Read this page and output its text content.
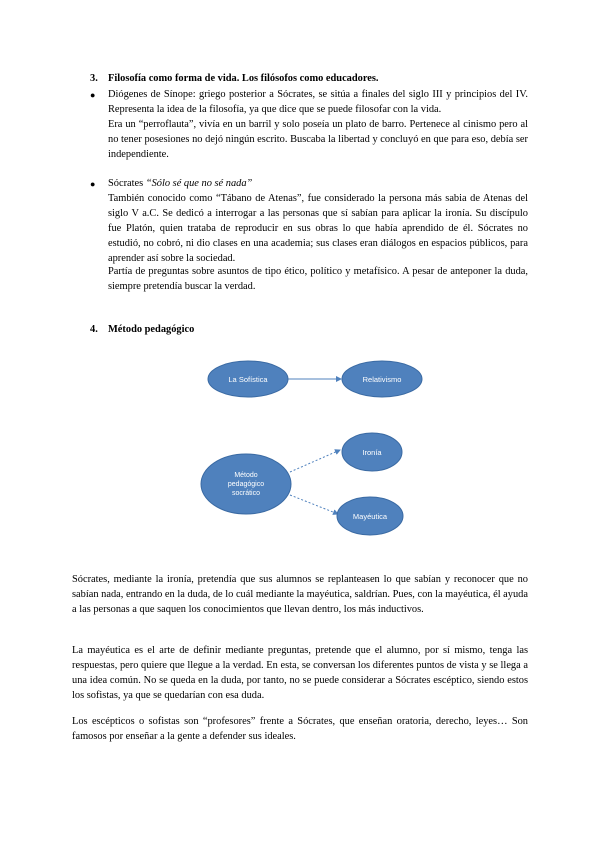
3. Filosofía como forma de vida. Los filósofos como educadores.
● Diógenes de Sínope: griego posterior a Sócrates, se sitúa a finales del siglo III y principios del IV. Representa la idea de la filosofía, ya que dice que se puede filosofar con la vida.
Era un “perroflauta”, vivía en un barril y solo poseía un plato de barro. Pertenece al cinismo pero al no tener posesiones no dejó ningún escrito. Buscaba la libertad y concluyó en que para eso, debía ser independiente.
● Sócrates “Sólo sé que no sé nada”
También conocido como “Tábano de Atenas”, fue considerado la persona más sabia de Atenas del siglo V a.C. Se dedicó a interrogar a las personas que sí sabían para aplicar la ironía. Su discípulo fue Platón, quien trataba de reproducir en sus obras lo que había aprendido de él. Sócrates no estudió, no cobró, ni dio clases en una academia; sus clases eran diálogos en espacios públicos, para aprender así sobre la sociedad.
Partía de preguntas sobre asuntos de tipo ético, político y metafísico. A pesar de anteponer la duda, siempre pretendía buscar la verdad.
4. Método pedagógico
La Sofística	Relativismo
Método
pedagógico
socrático
Ironía
Mayéutica
Sócrates, mediante la ironía, pretendía que sus alumnos se replanteasen lo que sabían y reconocer que no sabían nada, entrando en la duda, de lo cuál mediante la mayéutica, saldrían. Pues, con la mayéutica, él ayuda a las personas a que saquen los conocimientos que llevan dentro, los más inductivos.
La mayéutica es el arte de definir mediante preguntas, pretende que el alumno, por sí mismo, tenga las respuestas, pero quiere que llegue a la verdad. En esta, se conversan los diferentes puntos de vista y se llega a una idea común. No se queda en la duda, por tanto, no se puede considerar a Sócrates escéptico, siendo estos los sofistas, ya que se quedarían con esa duda.
Los escépticos o sofistas son “profesores” frente a Sócrates, que enseñan oratoria, derecho, leyes… Son famosos por enseñar a la gente a defender sus ideales.
